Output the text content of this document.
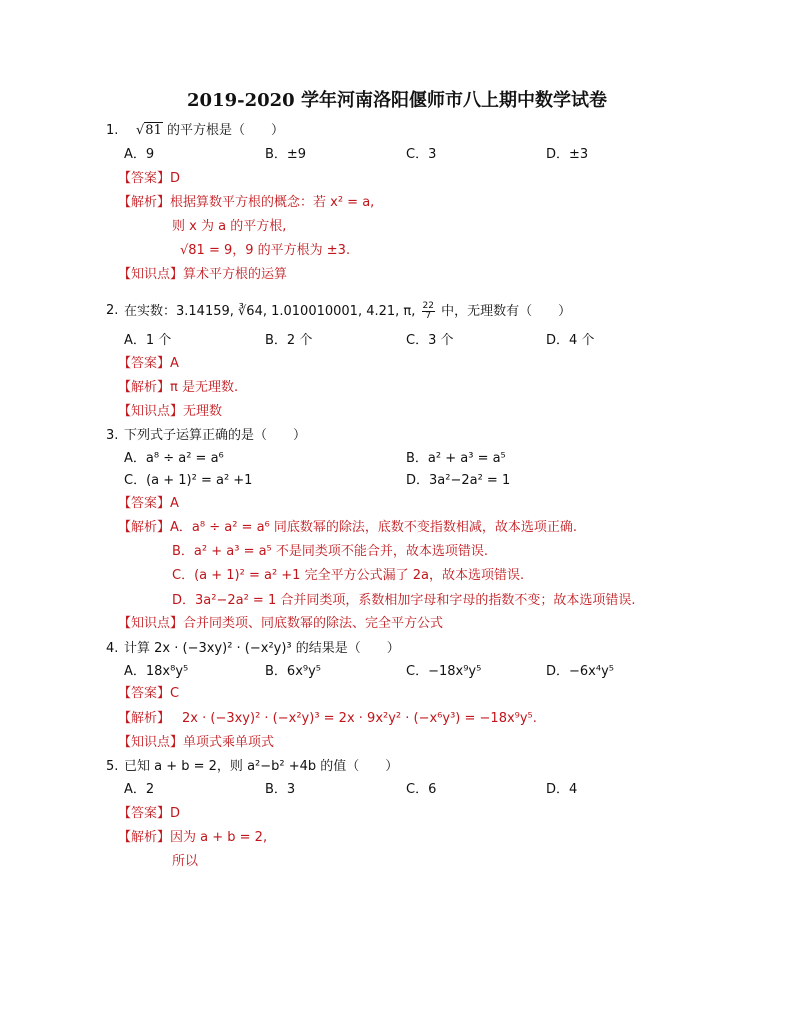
2019-2020 学年河南洛阳偃师市八上期中数学试卷
1. √81 的平方根是（　　）
A．9	B．±9	C．3	D．±3
【答案】D
【解析】根据算数平方根的概念：若 x² = a,
则 x 为 a 的平方根,
√81 = 9，9 的平方根为 ±3.
【知识点】算术平方根的运算
2. 在实数：3.14159, ∛64, 1.010010001, 4.21, π, $\frac{22}{7}$ 中，无理数有（　　）
A．1 个	B．2 个	C．3 个	D．4 个
【答案】A
【解析】π 是无理数.
【知识点】无理数
3. 下列式子运算正确的是（　　）
A．a⁸ ÷ a² = a⁶	B．a² + a³ = a⁵
C．(a + 1)² = a² +1	D．3a²−2a² = 1
【答案】A
【解析】A．a⁸ ÷ a² = a⁶ 同底数幂的除法，底数不变指数相减，故本选项正确.
B．a² + a³ = a⁵ 不是同类项不能合并，故本选项错误.
C．(a + 1)² = a² +1 完全平方公式漏了 2a，故本选项错误.
D．3a²−2a² = 1 合并同类项，系数相加字母和字母的指数不变；故本选项错误.
【知识点】合并同类项、同底数幂的除法、完全平方公式
4. 计算 2x · (−3xy)² · (−x²y)³ 的结果是（　　）
A．18x⁸y⁵	B．6x⁹y⁵	C．−18x⁹y⁵	D．−6x⁴y⁵
【答案】C
【解析】 2x · (−3xy)² · (−x²y)³ = 2x · 9x²y² · (−x⁶y³) = −18x⁹y⁵.
【知识点】单项式乘单项式
5. 已知 a + b = 2，则 a²−b² +4b 的值（　　）
A．2	B．3	C．6	D．4
【答案】D
【解析】因为 a + b = 2,
所以
